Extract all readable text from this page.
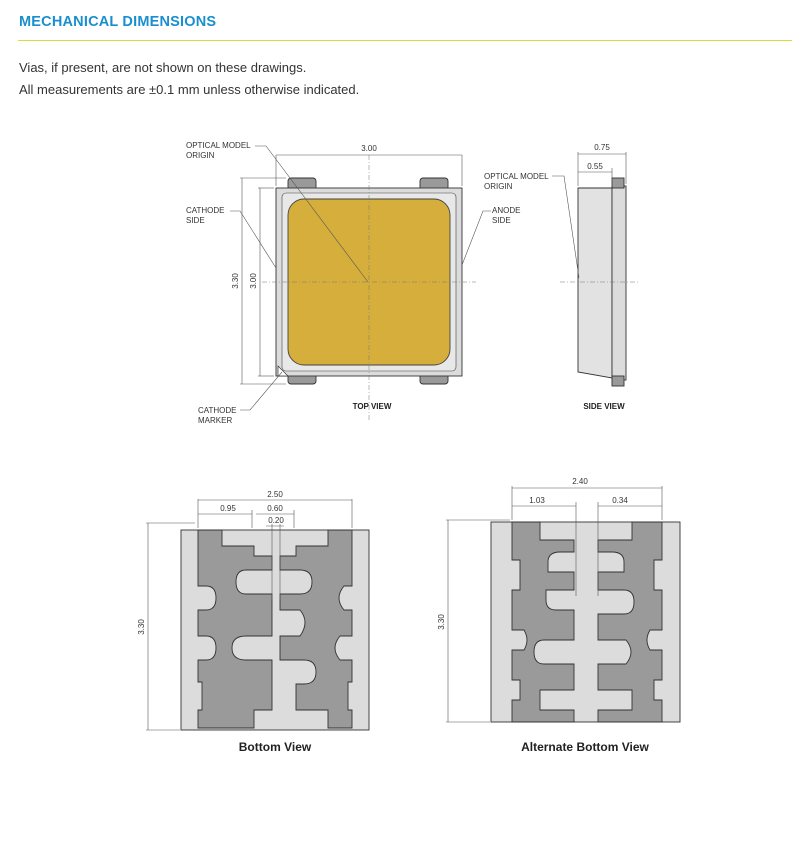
MECHANICAL DIMENSIONS
Vias, if present, are not shown on these drawings.
All measurements are ±0.1 mm unless otherwise indicated.
3.00
3.30 3.00
OPTICAL MODEL
ORIGIN
CATHODE
SIDE
CATHODE
MARKER
ANODE
SIDE
TOP VIEW
0.75
0.55
OPTICAL MODEL
ORIGIN
SIDE VIEW
2.50
0.95	0.60
0.20
3.30
Bottom View
2.40
1.03	0.34
3.30
Alternate Bottom View
